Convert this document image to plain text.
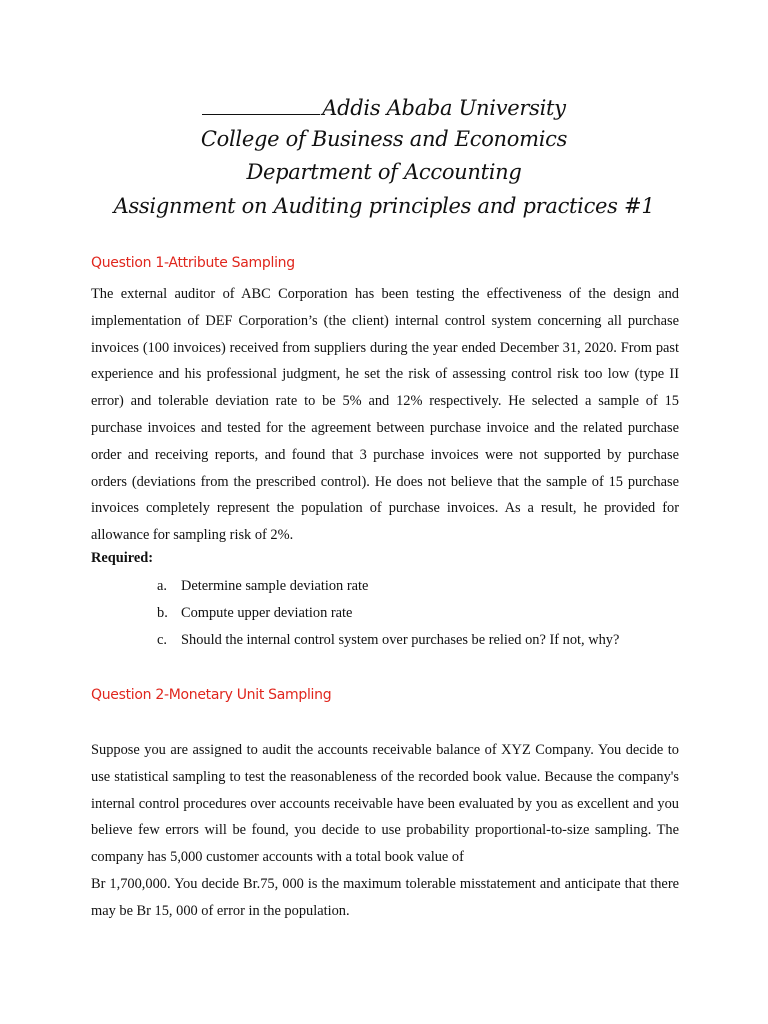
Addis Ababa University
College of Business and Economics
Department of Accounting
Assignment on Auditing principles and practices #1
Question 1-Attribute Sampling
The external auditor of ABC Corporation has been testing the effectiveness of the design and implementation of DEF Corporation’s (the client) internal control system concerning all purchase invoices (100 invoices) received from suppliers during the year ended December 31, 2020. From past experience and his professional judgment, he set the risk of assessing control risk too low (type II error) and tolerable deviation rate to be 5% and 12% respectively. He selected a sample of 15 purchase invoices and tested for the agreement between purchase invoice and the related purchase order and receiving reports, and found that 3 purchase invoices were not supported by purchase orders (deviations from the prescribed control). He does not believe that the sample of 15 purchase invoices completely represent the population of purchase invoices. As a result, he provided for allowance for sampling risk of 2%.
Required:
a. Determine sample deviation rate
b. Compute upper deviation rate
c. Should the internal control system over purchases be relied on? If not, why?
Question 2-Monetary Unit Sampling
Suppose you are assigned to audit the accounts receivable balance of XYZ Company. You decide to use statistical sampling to test the reasonableness of the recorded book value. Because the company's internal control procedures over accounts receivable have been evaluated by you as excellent and you believe few errors will be found, you decide to use probability proportional-to-size sampling. The company has 5,000 customer accounts with a total book value of
Br 1,700,000. You decide Br.75, 000 is the maximum tolerable misstatement and anticipate that there may be Br 15, 000 of error in the population.
